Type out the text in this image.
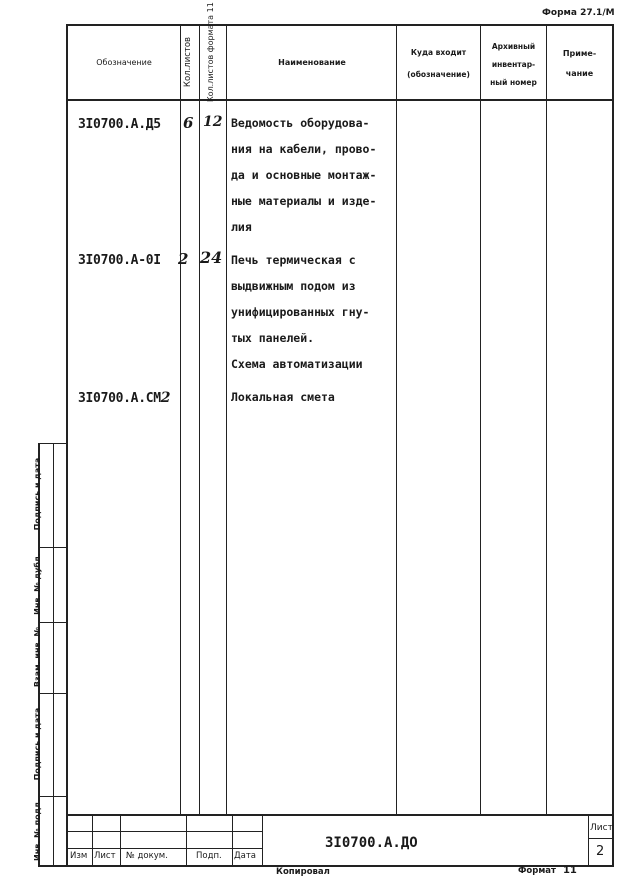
Форма 27.1/М
Обозначение	Кол.листов	Кол.листов формата 11	Наименование
Куда входит
(обозначение)
Архивный
инвентар-
ный номер
Приме-
чание
3I0700.А.Д5 6 12 Ведомость оборудова-
ния на кабели, прово-
да и основные монтаж-
ные материалы и изде-
лия
3I0700.А-0I 2 24 Печь термическая с
выдвижным подом из
унифицированных гну-
тых панелей.
Схема автоматизации
3I0700.А.СМ2	Локальная смета
Подпись и дата
Инв. № дубл.
Взам. инв. №
Подпись и дата
Инв. № подл.	Изм Лист № докум.	Подп. Дата
3I0700.А.ДО
Лист
2
Копировал	Формат 11
